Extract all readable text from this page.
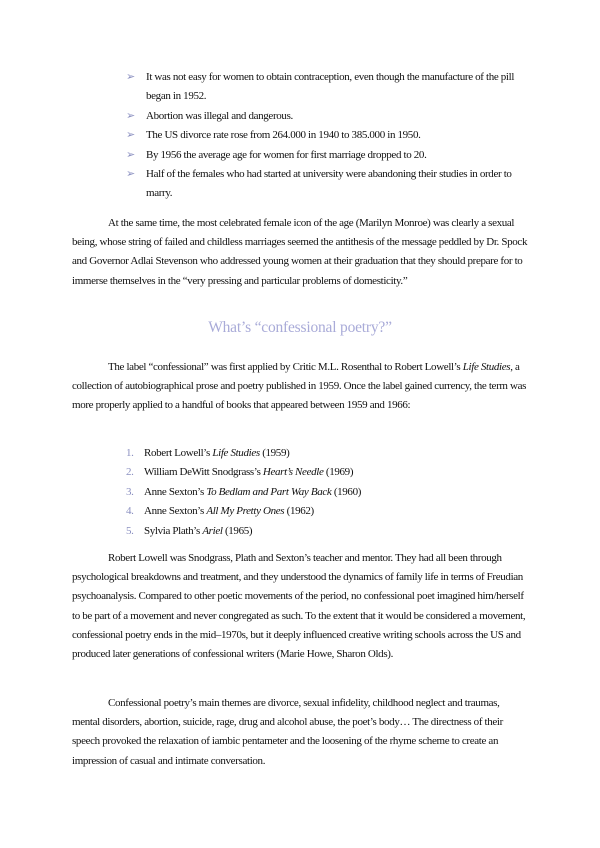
➢ It was not easy for women to obtain contraception, even though the manufacture of the pill began in 1952.
➢ Abortion was illegal and dangerous.
➢ The US divorce rate rose from 264.000 in 1940 to 385.000 in 1950.
➢ By 1956 the average age for women for first marriage dropped to 20.
➢ Half of the females who had started at university were abandoning their studies in order to marry.

At the same time, the most celebrated female icon of the age (Marilyn Monroe) was clearly a sexual being, whose string of failed and childless marriages seemed the antithesis of the message peddled by Dr. Spock and Governor Adlai Stevenson who addressed young women at their graduation that they should prepare for to immerse themselves in the “very pressing and particular problems of domesticity.”

What’s “confessional poetry?”

The label “confessional” was first applied by Critic M.L. Rosenthal to Robert Lowell’s Life Studies, a collection of autobiographical prose and poetry published in 1959. Once the label gained currency, the term was more properly applied to a handful of books that appeared between 1959 and 1966:

1. Robert Lowell’s Life Studies (1959)
2. William DeWitt Snodgrass’s Heart’s Needle (1969)
3. Anne Sexton’s To Bedlam and Part Way Back (1960)
4. Anne Sexton’s All My Pretty Ones (1962)
5. Sylvia Plath’s Ariel (1965)

Robert Lowell was Snodgrass, Plath and Sexton’s teacher and mentor. They had all been through psychological breakdowns and treatment, and they understood the dynamics of family life in terms of Freudian psychoanalysis. Compared to other poetic movements of the period, no confessional poet imagined him/herself to be part of a movement and never congregated as such. To the extent that it would be considered a movement, confessional poetry ends in the mid–1970s, but it deeply influenced creative writing schools across the US and produced later generations of confessional writers (Marie Howe, Sharon Olds).

Confessional poetry’s main themes are divorce, sexual infidelity, childhood neglect and traumas, mental disorders, abortion, suicide, rage, drug and alcohol abuse, the poet’s body… The directness of their speech provoked the relaxation of iambic pentameter and the loosening of the rhyme scheme to create an impression of casual and intimate conversation.
